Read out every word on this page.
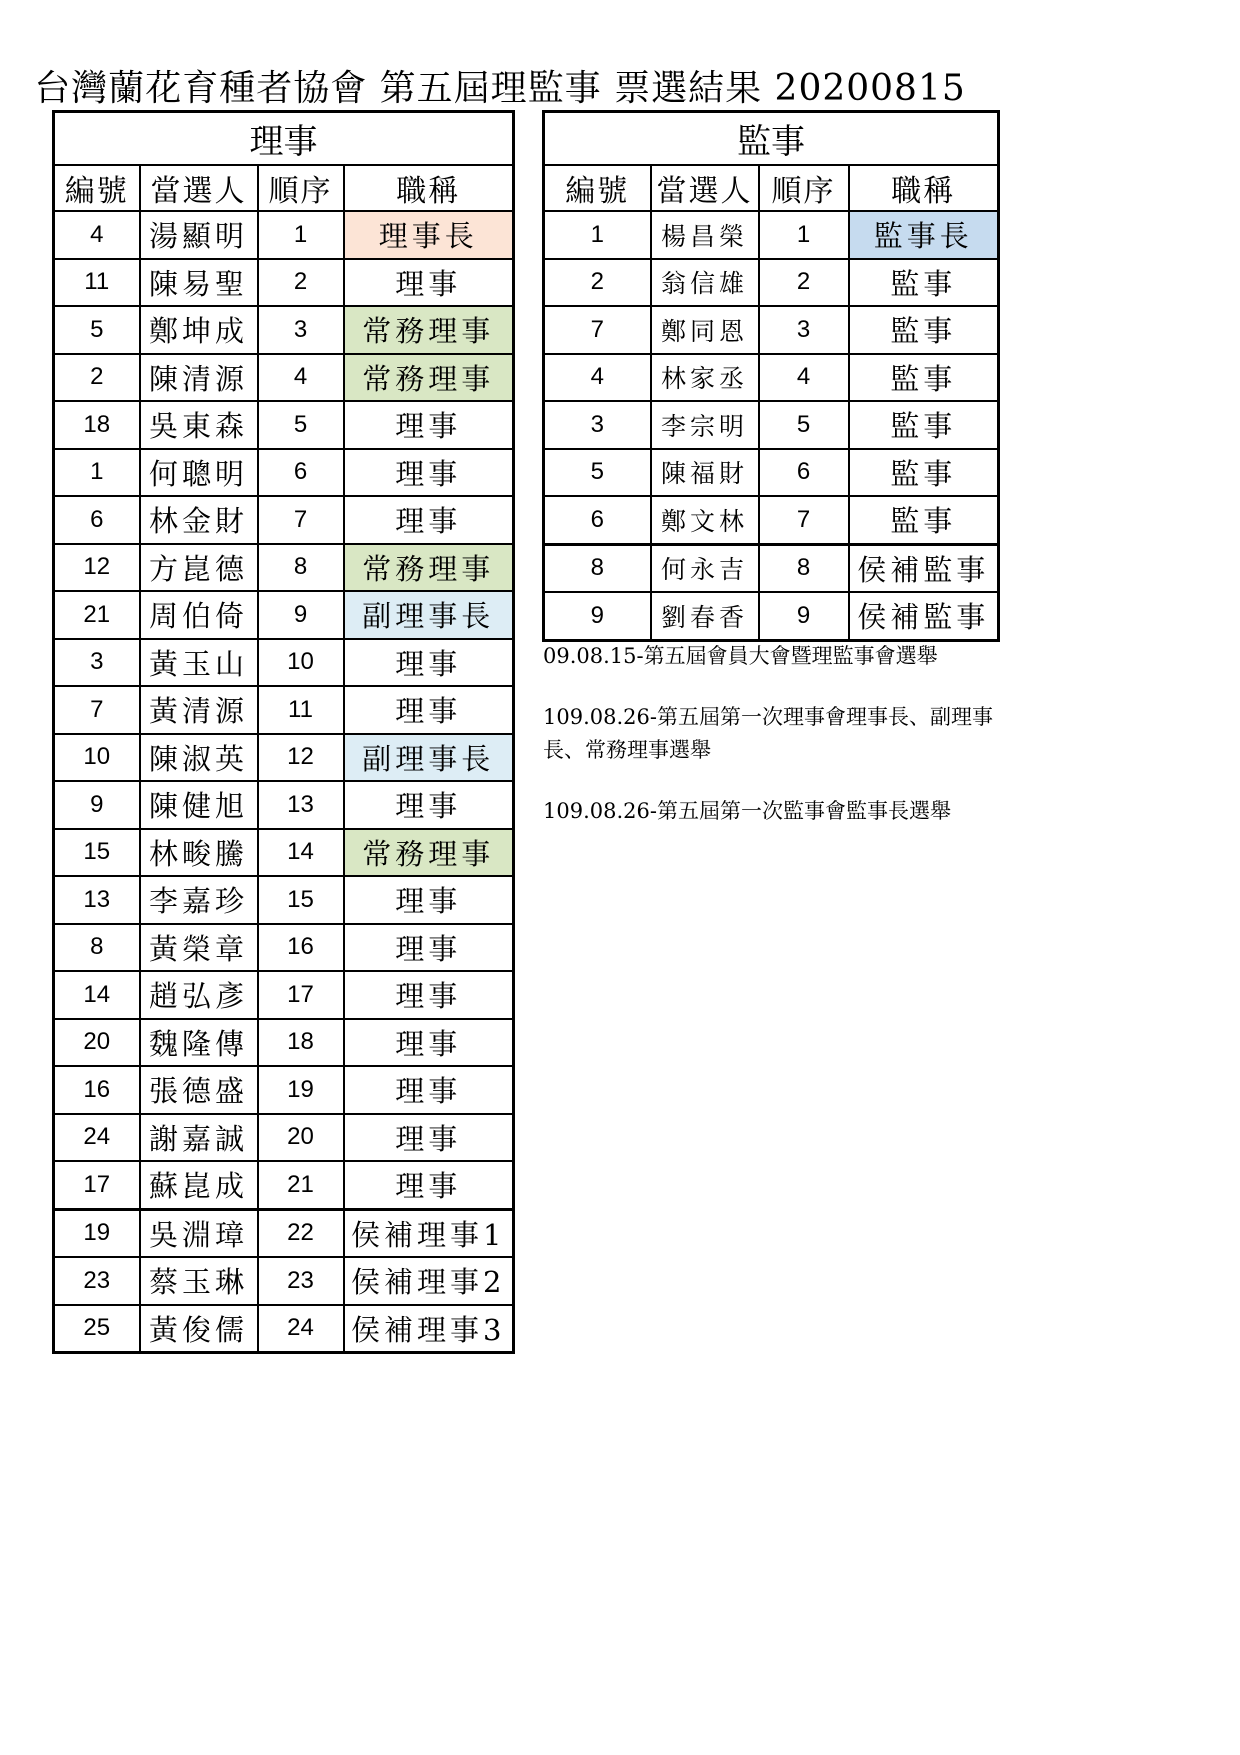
台灣蘭花育種者協會 第五屆理監事 票選結果 20200815
理事			
編號	當選人	順序	職稱
4	湯顯明	1	理事長
11	陳易聖	2	理事
5	鄭坤成	3	常務理事
2	陳清源	4	常務理事
18	吳東森	5	理事
1	何聰明	6	理事
6	林金財	7	理事
12	方崑德	8	常務理事
21	周伯倚	9	副理事長
3	黃玉山	10	理事
7	黃清源	11	理事
10	陳淑英	12	副理事長
9	陳健旭	13	理事
15	林畯騰	14	常務理事
13	李嘉珍	15	理事
8	黃榮章	16	理事
14	趙弘彥	17	理事
20	魏隆傳	18	理事
16	張德盛	19	理事
24	謝嘉誠	20	理事
17	蘇崑成	21	理事
19	吳淵璋	22	侯補理事1
23	蔡玉琳	23	侯補理事2
25	黃俊儒	24	侯補理事3
監事			
編號	當選人	順序	職稱
1	楊昌榮	1	監事長
2	翁信雄	2	監事
7	鄭同恩	3	監事
4	林家丞	4	監事
3	李宗明	5	監事
5	陳福財	6	監事
6	鄭文林	7	監事
8	何永吉	8	侯補監事
9	劉春香	9	侯補監事
09.08.15-第五屆會員大會暨理監事會選舉
109.08.26-第五屆第一次理事會理事長、副理事長、常務理事選舉
109.08.26-第五屆第一次監事會監事長選舉
